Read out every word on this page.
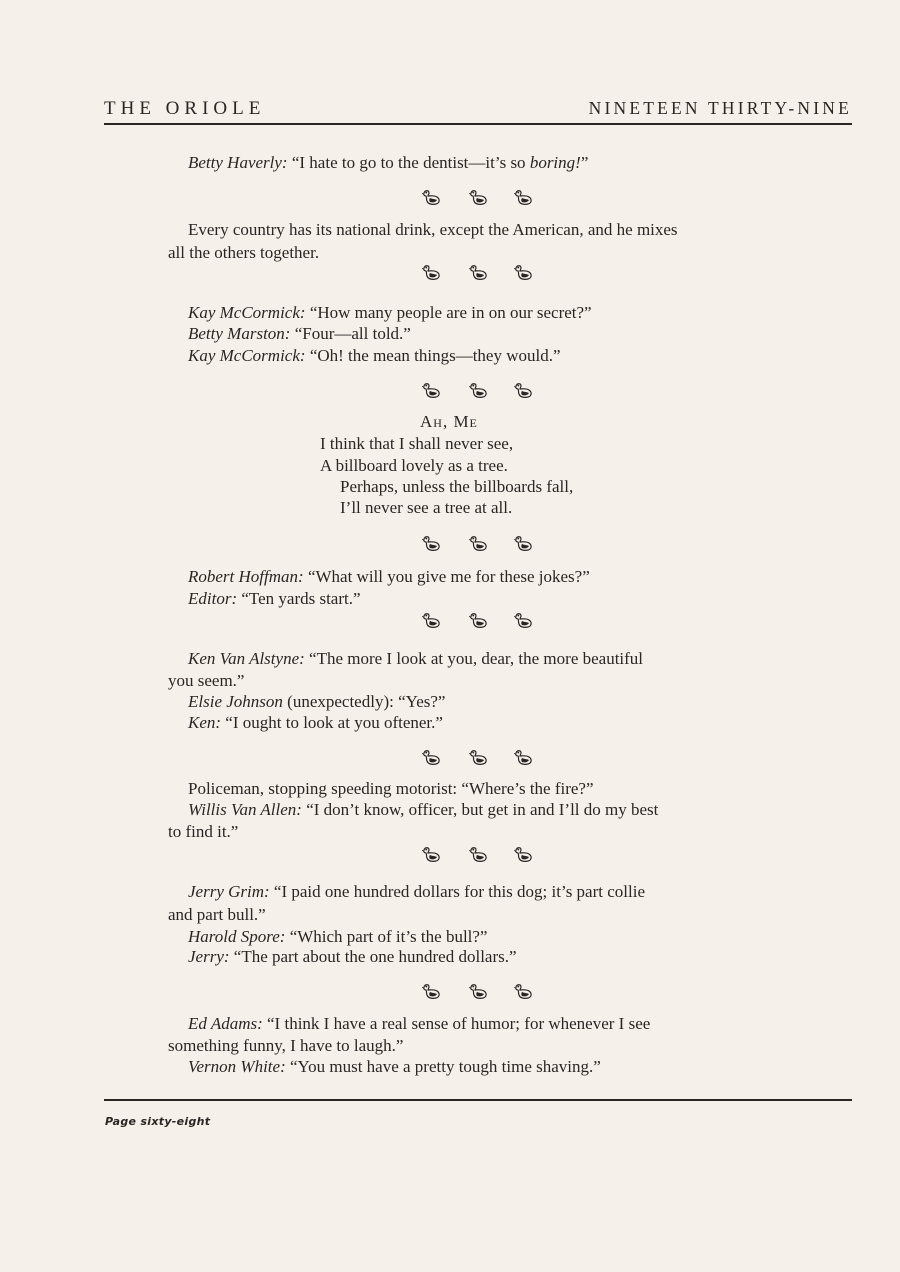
THE ORIOLE	NINETEEN THIRTY-NINE
Betty Haverly: “I hate to go to the dentist—it’s so boring!”
Every country has its national drink, except the American, and he mixes
all the others together.
Kay McCormick: “How many people are in on our secret?”
Betty Marston: “Four—all told.”
Kay McCormick: “Oh! the mean things—they would.”
Ah, Me
I think that I shall never see,
A billboard lovely as a tree.
Perhaps, unless the billboards fall,
I’ll never see a tree at all.
Robert Hoffman: “What will you give me for these jokes?”
Editor: “Ten yards start.”
Ken Van Alstyne: “The more I look at you, dear, the more beautiful
you seem.”
Elsie Johnson (unexpectedly): “Yes?”
Ken: “I ought to look at you oftener.”
Policeman, stopping speeding motorist: “Where’s the fire?”
Willis Van Allen: “I don’t know, officer, but get in and I’ll do my best
to find it.”
Jerry Grim: “I paid one hundred dollars for this dog; it’s part collie
and part bull.”
Harold Spore: “Which part of it’s the bull?”
Jerry: “The part about the one hundred dollars.”
Ed Adams: “I think I have a real sense of humor; for whenever I see
something funny, I have to laugh.”
Vernon White: “You must have a pretty tough time shaving.”
Page sixty-eight
